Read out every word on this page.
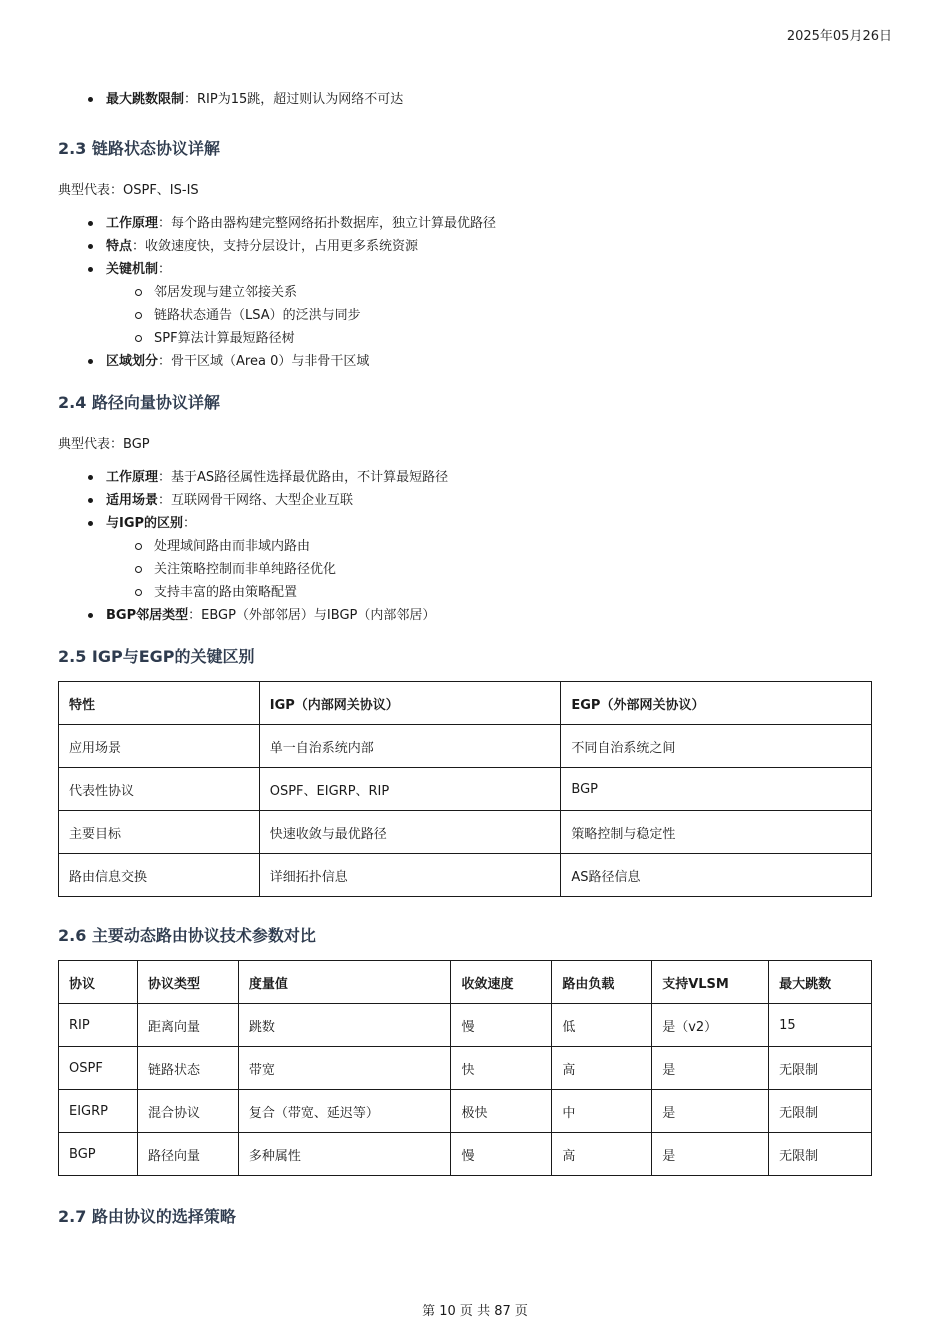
2025年05月26日
最大跳数限制：RIP为15跳，超过则认为网络不可达
2.3 链路状态协议详解

典型代表：OSPF、IS-IS

工作原理：每个路由器构建完整网络拓扑数据库，独立计算最优路径
特点：收敛速度快，支持分层设计，占用更多系统资源
关键机制：
邻居发现与建立邻接关系
链路状态通告（LSA）的泛洪与同步
SPF算法计算最短路径树
区域划分：骨干区域（Area 0）与非骨干区域
2.4 路径向量协议详解

典型代表：BGP

工作原理：基于AS路径属性选择最优路由，不计算最短路径
适用场景：互联网骨干网络、大型企业互联
与IGP的区别：
处理域间路由而非域内路由
关注策略控制而非单纯路径优化
支持丰富的路由策略配置
BGP邻居类型：EBGP（外部邻居）与IBGP（内部邻居）
2.5 IGP与EGP的关键区别
特性	IGP（内部网关协议）	EGP（外部网关协议）
应用场景	单一自治系统内部	不同自治系统之间
代表性协议	OSPF、EIGRP、RIP	BGP
主要目标	快速收敛与最优路径	策略控制与稳定性
路由信息交换	详细拓扑信息	AS路径信息
2.6 主要动态路由协议技术参数对比
协议	协议类型	度量值	收敛速度	路由负载	支持VLSM	最大跳数
RIP	距离向量	跳数	慢	低	是（v2）	15
OSPF	链路状态	带宽	快	高	是	无限制
EIGRP	混合协议	复合（带宽、延迟等）	极快	中	是	无限制
BGP	路径向量	多种属性	慢	高	是	无限制
2.7 路由协议的选择策略
第 10 页 共 87 页
